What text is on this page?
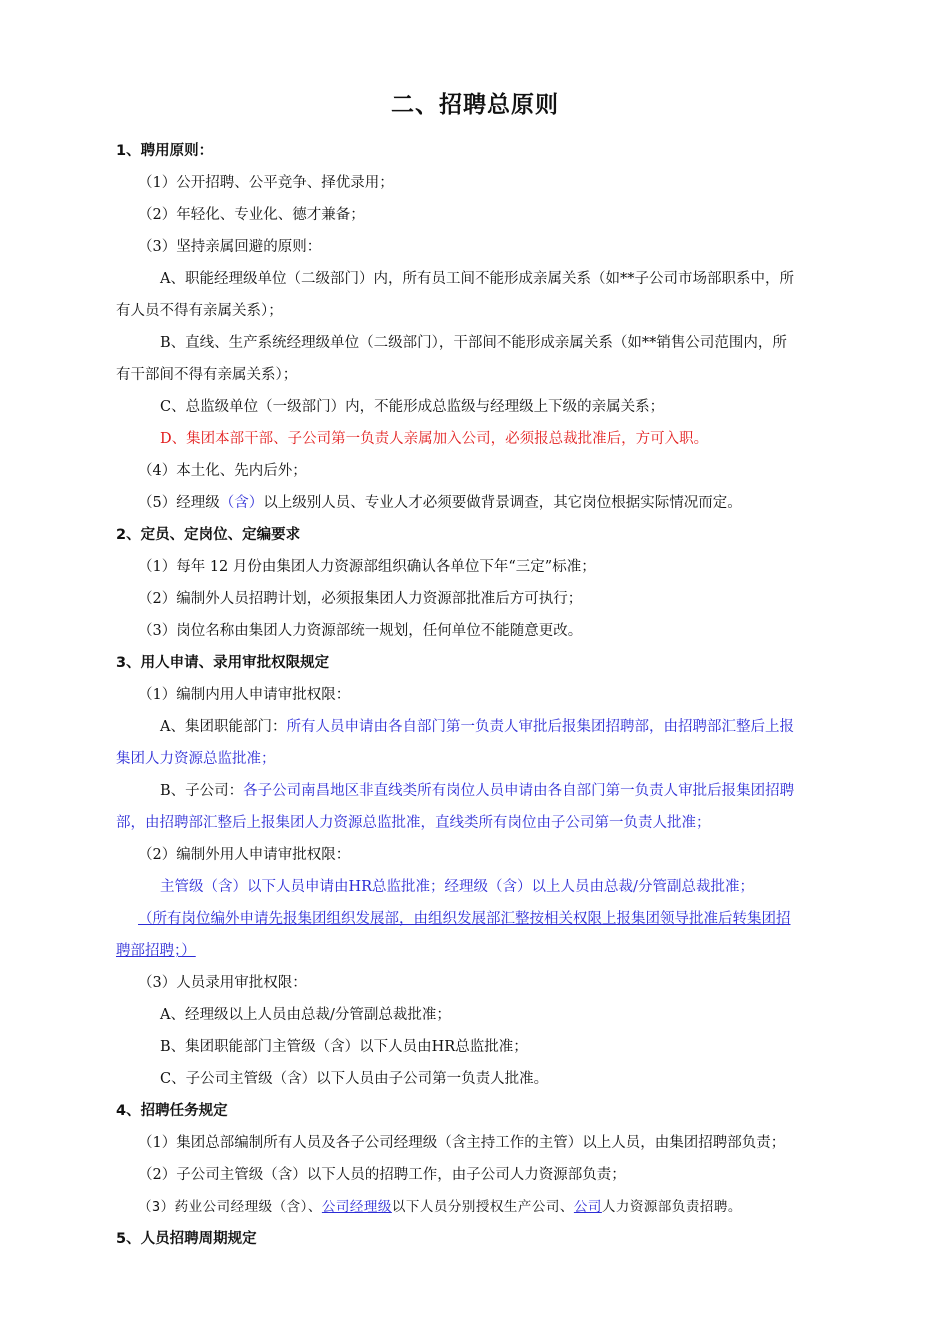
二、招聘总原则
1、聘用原则：
（1）公开招聘、公平竞争、择优录用；
（2）年轻化、专业化、德才兼备；
（3）坚持亲属回避的原则：
A、职能经理级单位（二级部门）内，所有员工间不能形成亲属关系（如**子公司市场部职系中，所
有人员不得有亲属关系）；
B、直线、生产系统经理级单位（二级部门），干部间不能形成亲属关系（如**销售公司范围内，所
有干部间不得有亲属关系）；
C、总监级单位（一级部门）内，不能形成总监级与经理级上下级的亲属关系；
D、集团本部干部、子公司第一负责人亲属加入公司，必须报总裁批准后，方可入职。
（4）本土化、先内后外；
（5）经理级（含）以上级别人员、专业人才必须要做背景调查，其它岗位根据实际情况而定。
2、定员、定岗位、定编要求
（1）每年 12 月份由集团人力资源部组织确认各单位下年“三定”标准；
（2）编制外人员招聘计划，必须报集团人力资源部批准后方可执行；
（3）岗位名称由集团人力资源部统一规划，任何单位不能随意更改。
3、用人申请、录用审批权限规定
（1）编制内用人申请审批权限：
A、集团职能部门：所有人员申请由各自部门第一负责人审批后报集团招聘部，由招聘部汇整后上报
集团人力资源总监批准；
B、子公司：各子公司南昌地区非直线类所有岗位人员申请由各自部门第一负责人审批后报集团招聘
部，由招聘部汇整后上报集团人力资源总监批准，直线类所有岗位由子公司第一负责人批准；
（2）编制外用人申请审批权限：
主管级（含）以下人员申请由HR总监批准；经理级（含）以上人员由总裁/分管副总裁批准；
（所有岗位编外申请先报集团组织发展部，由组织发展部汇整按相关权限上报集团领导批准后转集团招
聘部招聘；）
（3）人员录用审批权限：
A、经理级以上人员由总裁/分管副总裁批准；
B、集团职能部门主管级（含）以下人员由HR总监批准；
C、子公司主管级（含）以下人员由子公司第一负责人批准。
4、招聘任务规定
（1）集团总部编制所有人员及各子公司经理级（含主持工作的主管）以上人员，由集团招聘部负责；
（2）子公司主管级（含）以下人员的招聘工作，由子公司人力资源部负责；
（3）药业公司经理级（含）、公司经理级以下人员分别授权生产公司、公司人力资源部负责招聘。
5、人员招聘周期规定
